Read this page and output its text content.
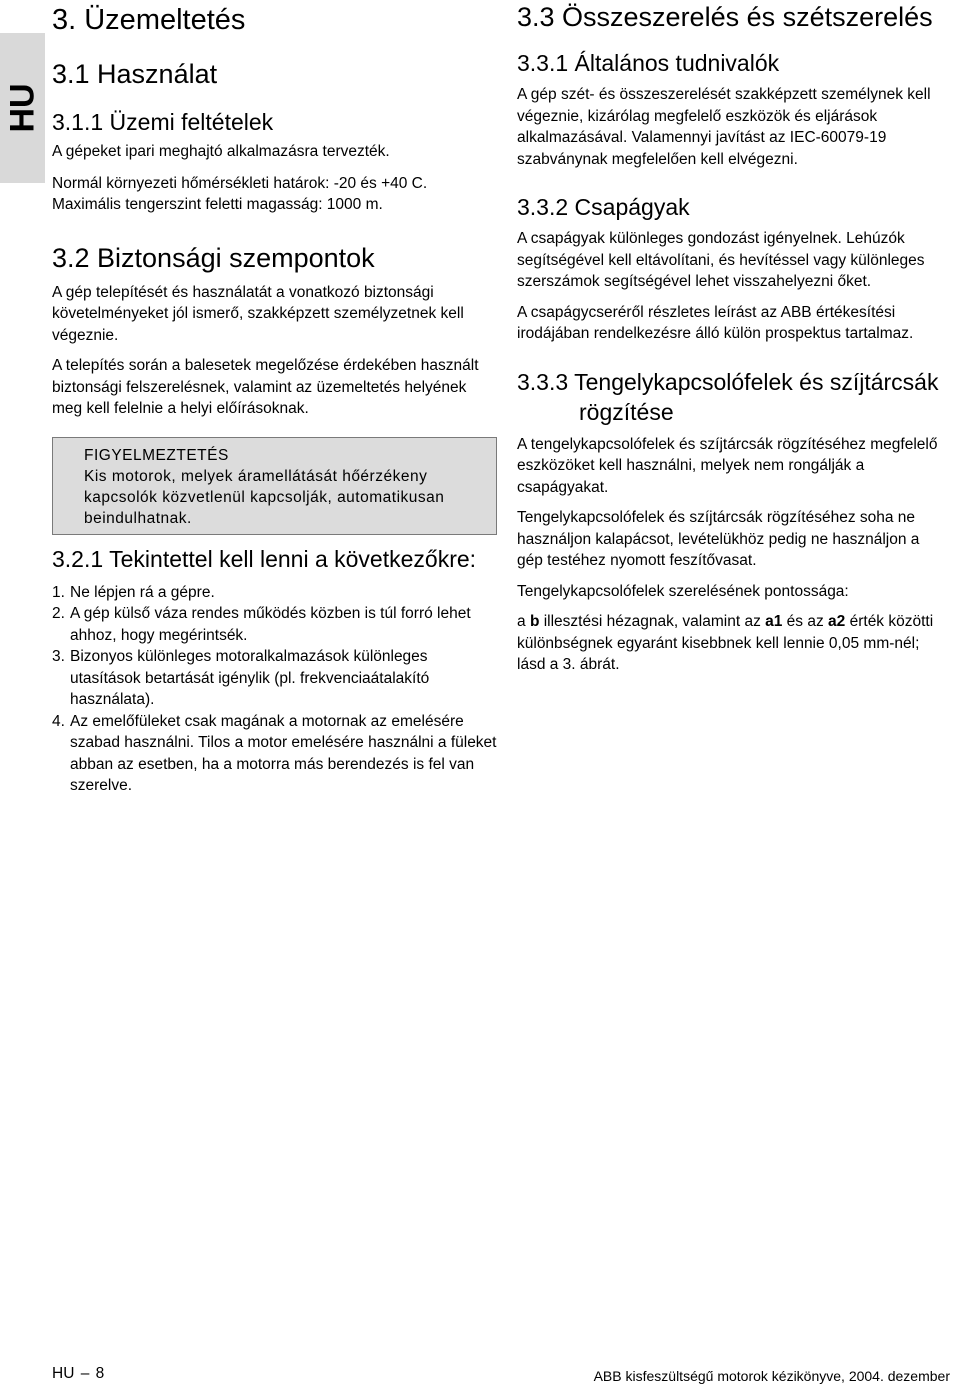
HU
3. Üzemeltetés
3.1 Használat
3.1.1 Üzemi feltételek

A gépeket ipari meghajtó alkalmazásra tervezték.

Normál környezeti hőmérsékleti határok: -20 és +40 C.

Maximális tengerszint feletti magasság: 1000 m.

3.2 Biztonsági szempontok

A gép telepítését és használatát a vonatkozó biztonsági követelményeket jól ismerő, szakképzett személyzetnek kell végeznie.

A telepítés során a balesetek megelőzése érdekében használt biztonsági felszerelésnek, valamint az üzemeltetés helyének meg kell felelnie a helyi előírásoknak.

FIGYELMEZTETÉS
Kis motorok, melyek áramellátását hőérzékeny kapcsolók közvetlenül kapcsolják, automatikusan beindulhatnak.
3.2.1 Tekintettel kell lenni a következőkre:
1. Ne lépjen rá a gépre.
2. A gép külső váza rendes működés közben is túl forró lehet ahhoz, hogy megérintsék.
3. Bizonyos különleges motoralkalmazások különleges utasítások betartását igénylik (pl. frekvenciaátalakító használata).
4. Az emelőfüleket csak magának a motornak az emelésére szabad használni. Tilos a motor emelésére használni a füleket abban az esetben, ha a motorra más berendezés is fel van szerelve.
3.3 Összeszerelés és szétszerelés
3.3.1 Általános tudnivalók

A gép szét- és összeszerelését szakképzett személynek kell végeznie, kizárólag megfelelő eszközök és eljárások alkalmazásával. Valamennyi javítást az IEC-60079-19 szabványnak megfelelően kell elvégezni.

3.3.2 Csapágyak

A csapágyak különleges gondozást igényelnek. Lehúzók segítségével kell eltávolítani, és hevítéssel vagy különleges szerszámok segítségével lehet visszahelyezni őket.

A csapágycseréről részletes leírást az ABB értékesítési irodájában rendelkezésre álló külön prospektus tartalmaz.

3.3.3 Tengelykapcsolófelek és szíjtárcsák rögzítése

A tengelykapcsolófelek és szíjtárcsák rögzítéséhez megfelelő eszközöket kell használni, melyek nem rongálják a csapágyakat.

Tengelykapcsolófelek és szíjtárcsák rögzítéséhez soha ne használjon kalapácsot, levételükhöz pedig ne használjon a gép testéhez nyomott feszítővasat.

Tengelykapcsolófelek szerelésének pontossága:

a b illesztési hézagnak, valamint az a1 és az a2 érték közötti különbségnek egyaránt kisebbnek kell lennie 0,05 mm-nél; lásd a 3. ábrát.

HU – 8	ABB kisfeszültségű motorok kézikönyve, 2004. dezember
